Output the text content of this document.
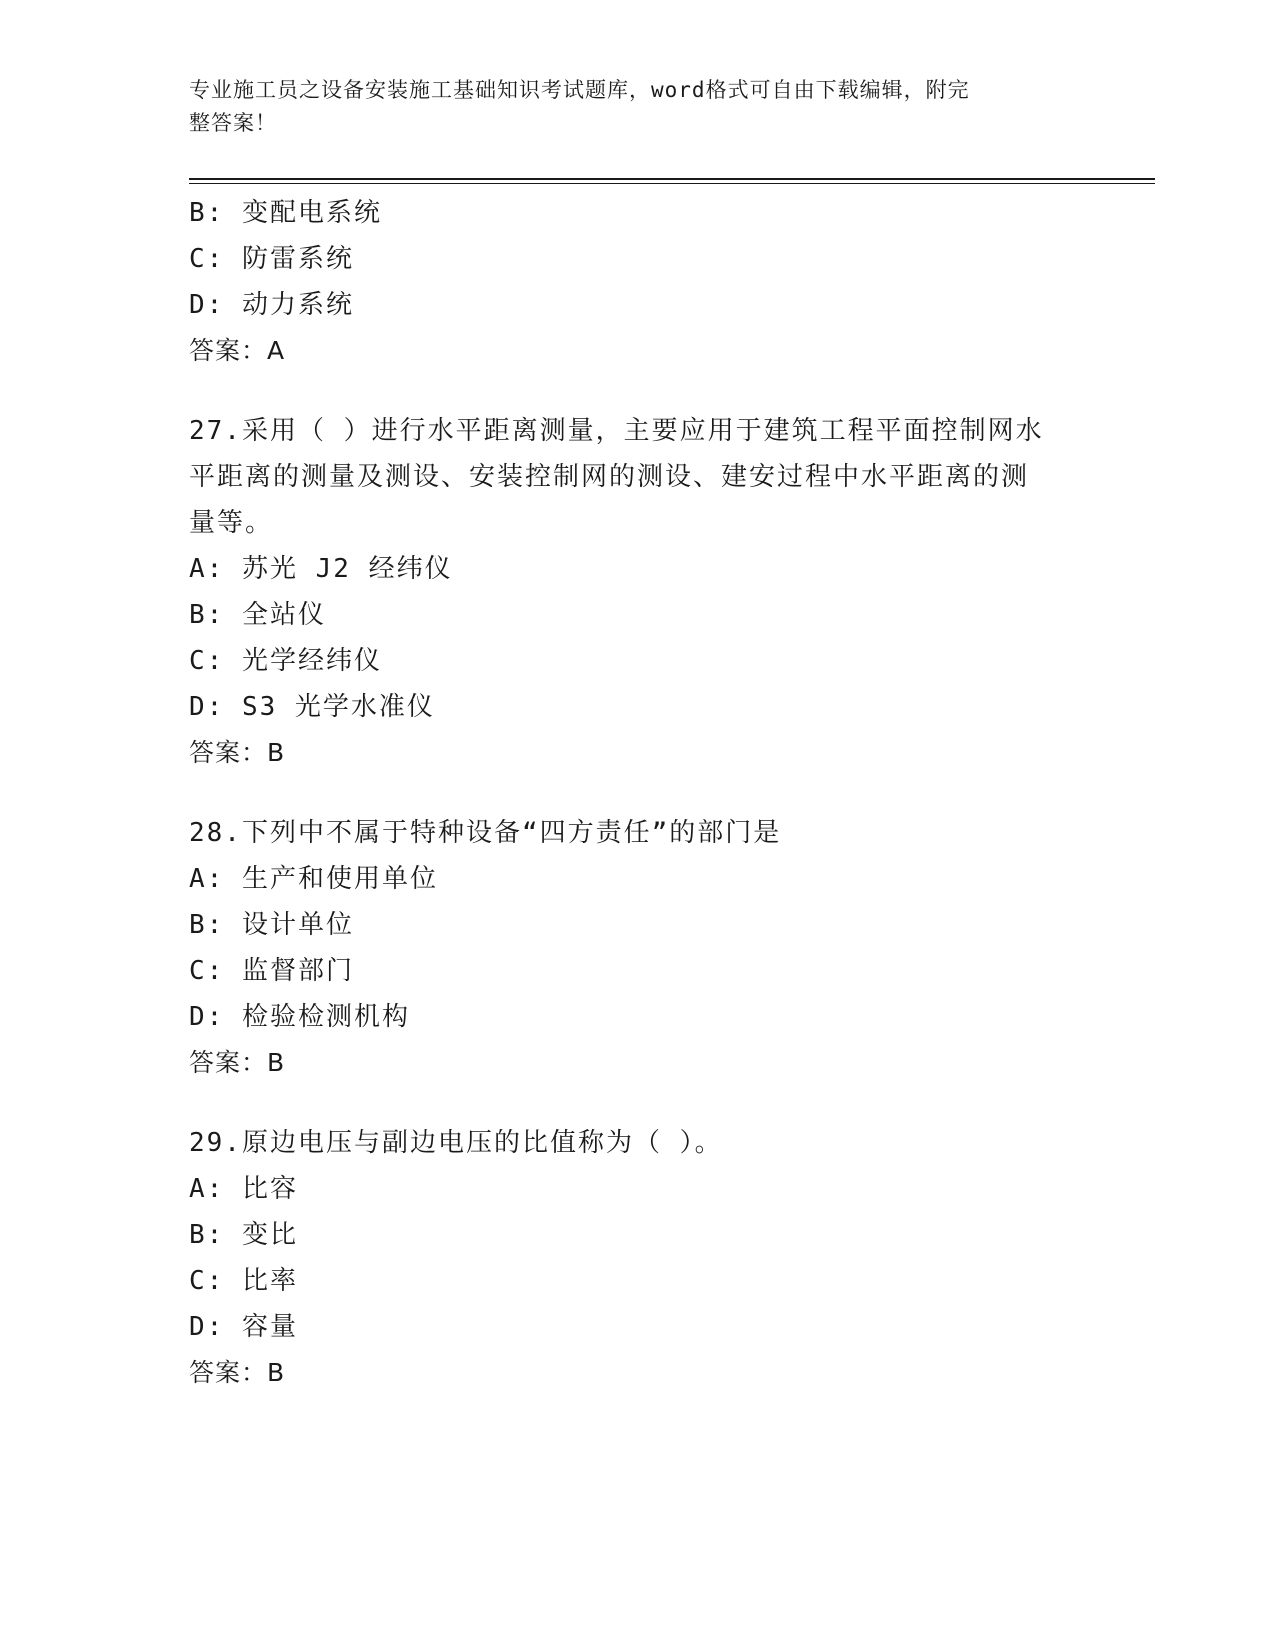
专业施工员之设备安装施工基础知识考试题库，word格式可自由下载编辑，附完
整答案！
B: 变配电系统
C: 防雷系统
D: 动力系统
答案：A
27.采用（ ）进行水平距离测量，主要应用于建筑工程平面控制网水
平距离的测量及测设、安装控制网的测设、建安过程中水平距离的测
量等。
A: 苏光 J2 经纬仪
B: 全站仪
C: 光学经纬仪
D: S3 光学水准仪
答案：B
28.下列中不属于特种设备“四方责任”的部门是
A: 生产和使用单位
B: 设计单位
C: 监督部门
D: 检验检测机构
答案：B
29.原边电压与副边电压的比值称为（ ）。
A: 比容
B: 变比
C: 比率
D: 容量
答案：B
